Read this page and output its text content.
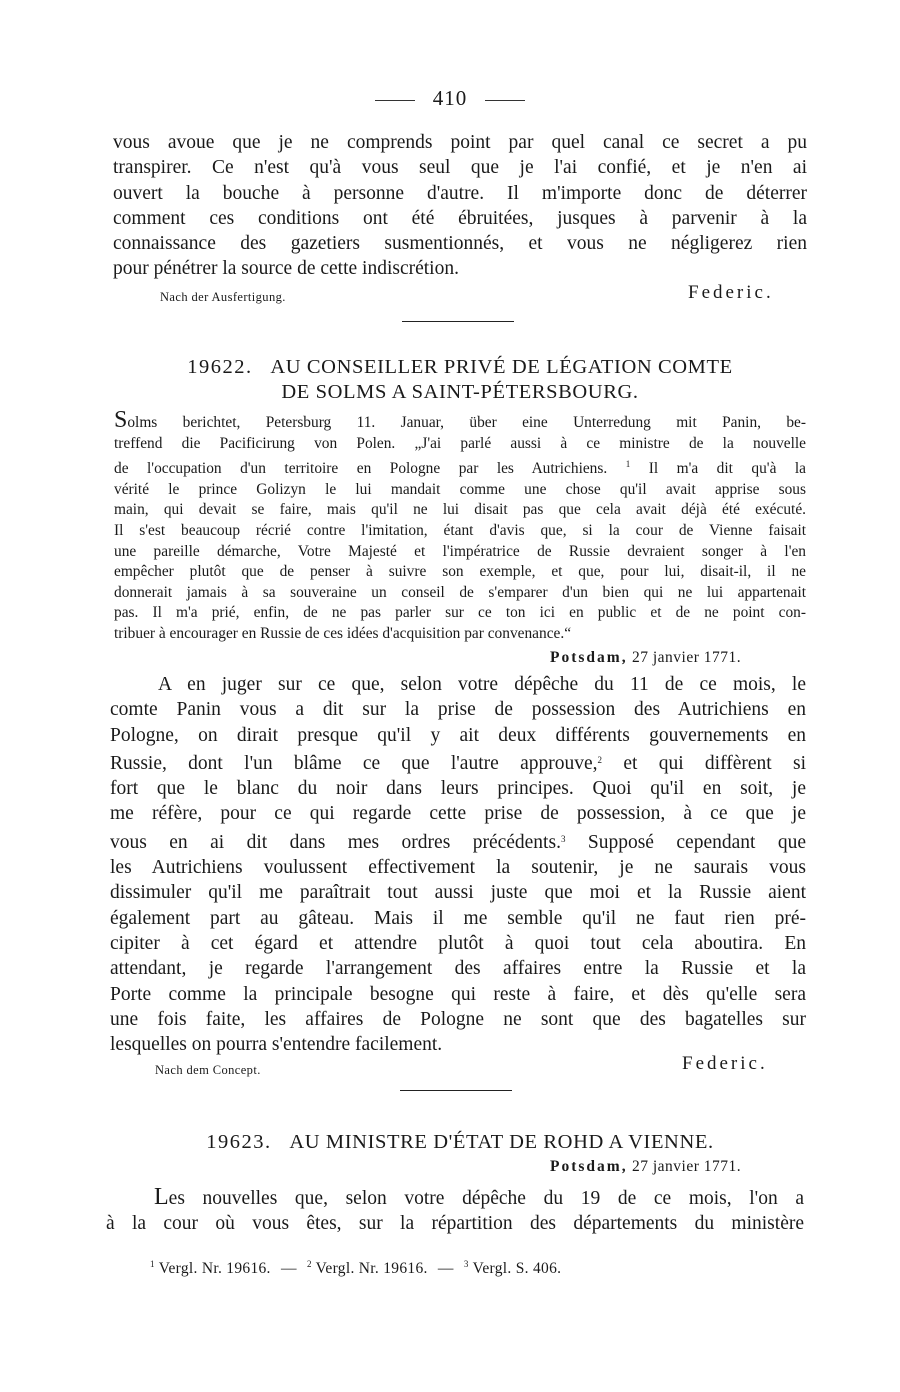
410
vous avoue que je ne comprends point par quel canal ce secret a pu
transpirer. Ce n'est qu'à vous seul que je l'ai confié, et je n'en ai
ouvert la bouche à personne d'autre. Il m'importe donc de déterrer
comment ces conditions ont été ébruitées, jusques à parvenir à la
connaissance des gazetiers susmentionnés, et vous ne négligerez rien
pour pénétrer la source de cette indiscrétion.
Nach der Ausfertigung.	Federic.
19622. AU CONSEILLER PRIVÉ DE LÉGATION COMTE
DE SOLMS A SAINT-PÉTERSBOURG.
Solms berichtet, Petersburg 11. Januar, über eine Unterredung mit Panin, be-
treffend die Pacificirung von Polen. „J'ai parlé aussi à ce ministre de la nouvelle
de l'occupation d'un territoire en Pologne par les Autrichiens. $^1$ Il m'a dit qu'à la
vérité le prince Golizyn le lui mandait comme une chose qu'il avait apprise sous
main, qui devait se faire, mais qu'il ne lui disait pas que cela avait déjà été exécuté.
Il s'est beaucoup récrié contre l'imitation, étant d'avis que, si la cour de Vienne faisait
une pareille démarche, Votre Majesté et l'impératrice de Russie devraient songer à l'en
empêcher plutôt que de penser à suivre son exemple, et que, pour lui, disait-il, il ne
donnerait jamais à sa souveraine un conseil de s'emparer d'un bien qui ne lui appartenait
pas. Il m'a prié, enfin, de ne pas parler sur ce ton ici en public et de ne point con-
tribuer à encourager en Russie de ces idées d'acquisition par convenance.“
Potsdam, 27 janvier 1771.
A en juger sur ce que, selon votre dépêche du 11 de ce mois, le
comte Panin vous a dit sur la prise de possession des Autrichiens en
Pologne, on dirait presque qu'il y ait deux différents gouvernements en
Russie, dont l'un blâme ce que l'autre approuve,$^2$ et qui diffèrent si
fort que le blanc du noir dans leurs principes. Quoi qu'il en soit, je
me réfère, pour ce qui regarde cette prise de possession, à ce que je
vous en ai dit dans mes ordres précédents.$^3$ Supposé cependant que
les Autrichiens voulussent effectivement la soutenir, je ne saurais vous
dissimuler qu'il me paraîtrait tout aussi juste que moi et la Russie aient
également part au gâteau. Mais il me semble qu'il ne faut rien pré-
cipiter à cet égard et attendre plutôt à quoi tout cela aboutira. En
attendant, je regarde l'arrangement des affaires entre la Russie et la
Porte comme la principale besogne qui reste à faire, et dès qu'elle sera
une fois faite, les affaires de Pologne ne sont que des bagatelles sur
lesquelles on pourra s'entendre facilement.
Nach dem Concept.	Federic.
19623. AU MINISTRE D'ÉTAT DE ROHD A VIENNE.
Potsdam, 27 janvier 1771.
Les nouvelles que, selon votre dépêche du 19 de ce mois, l'on a
à la cour où vous êtes, sur la répartition des départements du ministère
$^1$ Vergl. Nr. 19616. — $^2$ Vergl. Nr. 19616. — $^3$ Vergl. S. 406.
